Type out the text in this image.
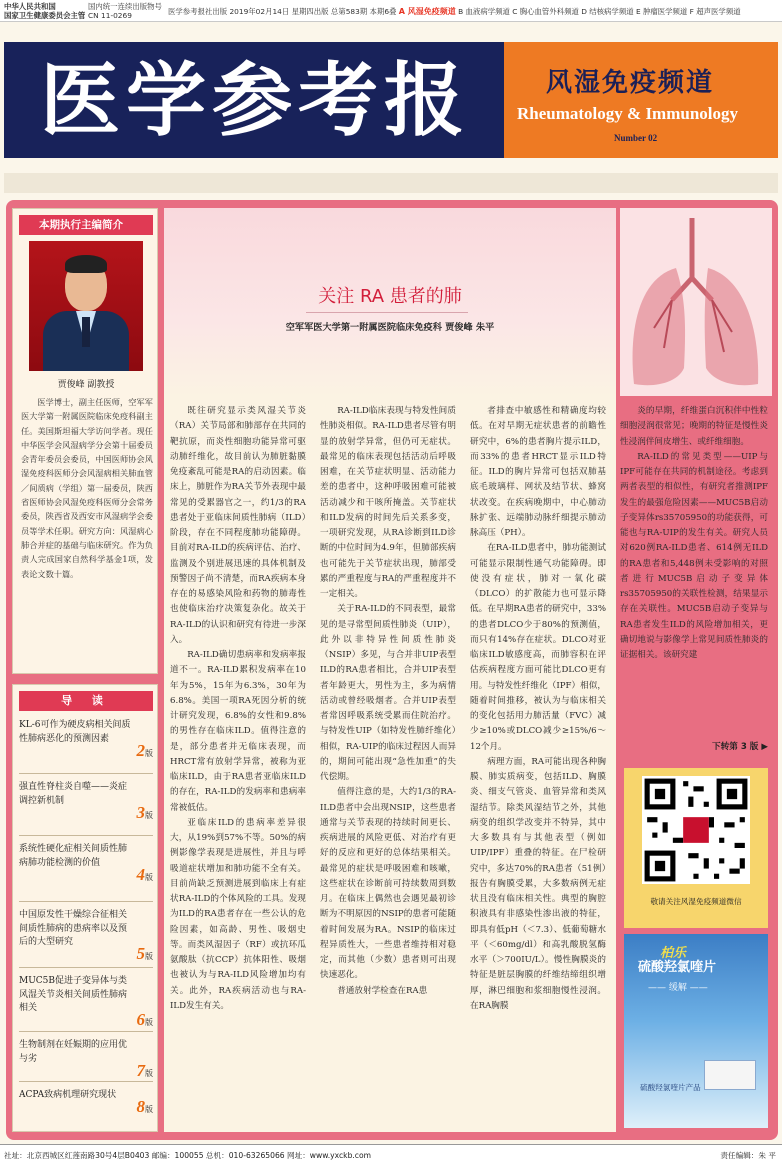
中华人民共和国
国家卫生健康委员会主管
国内统一连续出版物号
CN 11-0269	医学参考报社出版 2019年02月14日 星期四出版 总第583期 本期6叠 A 风湿免疫频道 B 血液病学频道 C 胸心血管外科频道 D 结核病学频道 E 肿瘤医学频道 F 超声医学频道
医学参考报	风湿免疫频道
Rheumatology & Immunology
Number 02
本期执行主编简介
贾俊峰 副教授
医学博士，副主任医师，空军军医大学第一附属医院临床免疫科副主任。美国斯坦福大学访问学者。现任中华医学会风湿病学分会第十届委员会青年委员会委员，中国医师协会风湿免疫科医师分会风湿病相关肺血管／间质病（学组）第一届委员，陕西省医师协会风湿免疫科医师分会常务委员，陕西省及西安市风湿病学会委员等学术任职。研究方向：风湿病心肺合并症的基础与临床研究。作为负责人完成国家自然科学基金1项，发表论文数十篇。
导 读
KL-6可作为硬皮病相关间质性肺病恶化的预测因素
2版
强直性脊柱炎自噬——炎症调控新机制
3版
系统性硬化症相关间质性肺病肺功能检测的价值
4版
中国原发性干燥综合征相关间质性肺病的患病率以及预后的大型研究
5版
MUC5B促进子变异体与类风湿关节炎相关间质性肺病相关
6版
生物制剂在妊娠期的应用优与劣
7版
ACPA致病机理研究现状
8版
关注 RA 患者的肺
空军军医大学第一附属医院临床免疫科 贾俊峰 朱平

既往研究显示类风湿关节炎（RA）关节局部和肺部存在共同的靶抗原，而炎性细胞功能异常可驱动肺纤维化，故目前认为肺脏黏膜免疫紊乱可能是RA的启动因素。临床上，肺脏作为RA关节外表现中最常见的受累器官之一，约1/3的RA患者处于亚临床间质性肺病（ILD）阶段，存在不同程度肺功能障碍。目前对RA-ILD的疾病评估、治疗、监测及个别进展迅速的具体机制及预警因子尚不清楚，而RA疾病本身存在的易感染风险和药物的肺毒性也使临床治疗决策复杂化。故关于RA-ILD的认识和研究有待进一步深入。

RA-ILD确切患病率和发病率报道不一。RA-ILD累积发病率在10年为5%，15年为6.3%，30年为6.8%。美国一项RA死因分析的统计研究发现，6.8%的女性和9.8%的男性存在临床ILD。值得注意的是，部分患者并无临床表现，而HRCT常有放射学异常，被称为亚临床ILD，由于RA患者亚临床ILD的存在，RA-ILD的发病率和患病率常被低估。

亚临床ILD的患病率差异很大，从19%到57%不等。50%的病例影像学表现是进展性，并且与呼吸道症状增加和肺功能不全有关。目前尚缺乏预测进展到临床上有症状RA-ILD的个体风险的工具。发现为ILD的RA患者存在一些公认的危险因素，如高龄、男性、吸烟史等。而类风湿因子（RF）或抗环瓜氨酸肽（抗CCP）抗体阳性、吸烟也被认为与RA-ILD风险增加均有关。此外，RA疾病活动也与RA-ILD发生有关。

RA-ILD临床表现与特发性间质性肺炎相似。RA-ILD患者尽管有明显的放射学异常，但仍可无症状。最常见的临床表现包括活动后呼吸困难，在关节症状明显、活动能力差的患者中，这种呼吸困难可能被活动减少和干咳所掩盖。关节症状和ILD发病的时间先后关系多变，一项研究发现，从RA诊断到ILD诊断的中位时间为4.9年，但肺部疾病也可能先于关节症状出现，肺部受累的严重程度与RA的严重程度并不一定相关。

关于RA-ILD的不同表型，最常见的是寻常型间质性肺炎（UIP），此外以非特异性间质性肺炎（NSIP）多见，与合并非UIP表型ILD的RA患者相比，合并UIP表型者年龄更大，男性为主，多为病情活动或曾经吸烟者。合并UIP表型者常因呼吸系统受累而住院治疗。与特发性UIP（如特发性肺纤维化）相似，RA-UIP的临床过程因人而异的，期间可能出现“急性加重”的失代偿期。

值得注意的是，大约1/3的RA-ILD患者中会出现NSIP，这些患者通常与关节表现的持续时间更长、疾病进展的风险更低、对治疗有更好的反应和更好的总体结果相关。最常见的症状是呼吸困难和咳嗽，这些症状在诊断前可持续数周到数月。在临床上偶然也会遇见最初诊断为不明原因的NSIP的患者可能随着时间发展为RA。NSIP的临床过程异质性大，一些患者维持相对稳定，而其他（少数）患者则可出现快速恶化。

普通放射学检查在RA患

者排查中敏感性和精确度均较低。在对早期无症状患者的前瞻性研究中，6%的患者胸片提示ILD，而33%的患者HRCT显示ILD特征。ILD的胸片异常可包括双肺基底毛玻璃样、网状及结节状、蜂窝状改变。在疾病晚期中，中心肺动脉扩张、远端肺动脉纤细提示肺动脉高压（PH）。

在RA-ILD患者中，肺功能测试可能显示限制性通气功能障碍。即使没有症状，肺对一氧化碳（DLCO）的扩散能力也可显示降低。在早期RA患者的研究中，33%的患者DLCO少于80%的预测值，而只有14%存在症状。DLCO对亚临床ILD敏感度高，而肺容积在评估疾病程度方面可能比DLCO更有用。与特发性纤维化（IPF）相似，随着时间推移，被认为与临床相关的变化包括用力肺活量（FVC）减少≥10%或DLCO减少≥15%/6～12个月。

病理方面，RA可能出现各种胸膜、肺实质病变，包括ILD、胸膜炎、细支气管炎、血管异常和类风湿结节。除类风湿结节之外，其他病变的组织学改变并不特异，其中大多数具有与其他表型（例如UIP/IPF）重叠的特征。在尸检研究中，多达70%的RA患者（51例）报告有胸膜受累，大多数病例无症状且没有临床相关性。典型的胸腔积液具有非感染性渗出液的特征，即具有低pH（＜7.3）、低葡萄糖水平（＜60mg/dl）和高乳酸脱氢酶水平（＞700IU/L）。慢性胸膜炎的特征是脏层胸膜的纤维结缔组织增厚，淋巴细胞和浆细胞慢性浸润。在RA胸膜

炎的早期，纤维蛋白沉积伴中性粒细胞浸润很常见；晚期的特征是慢性炎性浸润伴间皮增生、或纤维细胞。

RA-ILD的常见类型——UIP与IPF可能存在共同的机制途径。考虑到两者表型的相似性，有研究者推测IPF发生的最强危险因素——MUC5B启动子变异体rs35705950的功能获得，可能也与RA-UIP的发生有关。研究人员对620例RA-ILD患者、614例无ILD的RA患者和5,448例未受影响的对照者进行MUC5B启动子变异体rs35705950的关联性检测，结果显示存在关联性。MUC5B启动子变异与RA患者发生ILD的风险增加相关，更确切地说与影像学上常见间质性肺炎的证据相关。该研究建

下转第 3 版 ▶
敬请关注风湿免疫频道微信
柏乐
硫酸羟氯喹片
—— 缓解 ——
硫酸羟氯喹片产品
社址：北京西城区红莲南路30号4层B0403 邮编：100055 总机：010-63265066 网址：www.yxckb.com	责任编辑：朱 平
